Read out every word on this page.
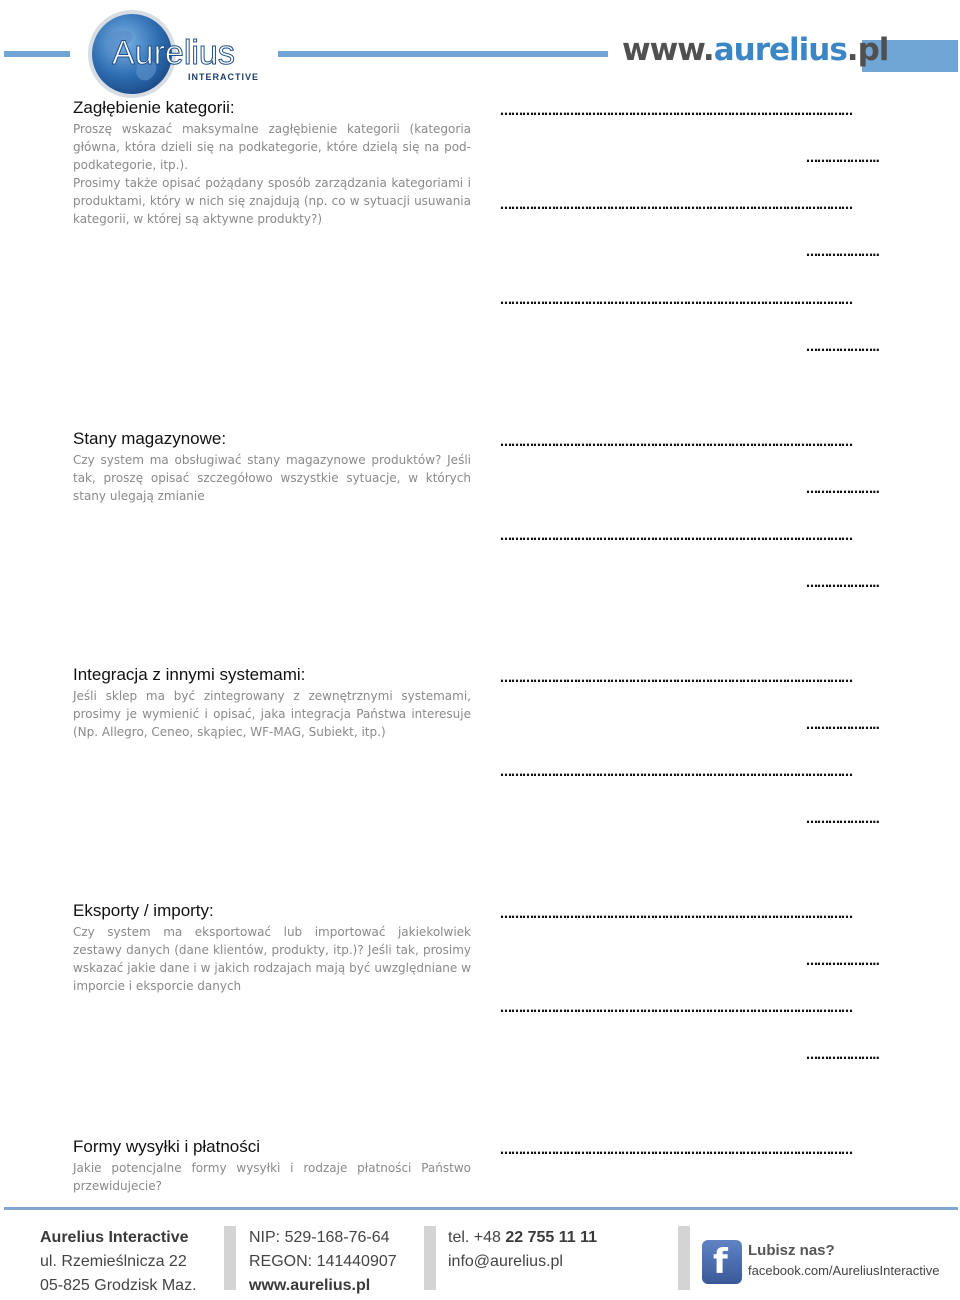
Aurelius
INTERACTIVE
www.aurelius.pl
Zagłębienie kategorii:

Proszę wskazać maksymalne zagłębienie kategorii (kategoria główna, która dzieli się na podkategorie, które dzielą się na pod-podkategorie, itp.).

Prosimy także opisać pożądany sposób zarządzania kategoriami i produktami, który w nich się znajdują (np. co w sytuacji usuwania kategorii, w której są aktywne produkty?)

……………………………………………………………………………………
………………..
……………………………………………………………………………………
………………..
……………………………………………………………………………………
………………..
Stany magazynowe:

Czy system ma obsługiwać stany magazynowe produktów? Jeśli tak, proszę opisać szczegółowo wszystkie sytuacje, w których stany ulegają zmianie

……………………………………………………………………………………
………………..
……………………………………………………………………………………
………………..
Integracja z innymi systemami:

Jeśli sklep ma być zintegrowany z zewnętrznymi systemami, prosimy je wymienić i opisać, jaka integracja Państwa interesuje (Np. Allegro, Ceneo, skąpiec, WF-MAG, Subiekt, itp.)

……………………………………………………………………………………
………………..
……………………………………………………………………………………
………………..
Eksporty / importy:

Czy system ma eksportować lub importować jakiekolwiek zestawy danych (dane klientów, produkty, itp.)? Jeśli tak, prosimy wskazać jakie dane i w jakich rodzajach mają być uwzględniane w imporcie i eksporcie danych

……………………………………………………………………………………
………………..
……………………………………………………………………………………
………………..
Formy wysyłki i płatności

Jakie potencjalne formy wysyłki i rodzaje płatności Państwo przewidujecie?

……………………………………………………………………………………
Aurelius Interactive
ul. Rzemieślnicza 22
05-825 Grodzisk Maz.
NIP: 529-168-76-64
REGON: 141440907
www.aurelius.pl
tel. +48 22 755 11 11
info@aurelius.pl	f Lubisz nas?
facebook.com/AureliusInteractive
